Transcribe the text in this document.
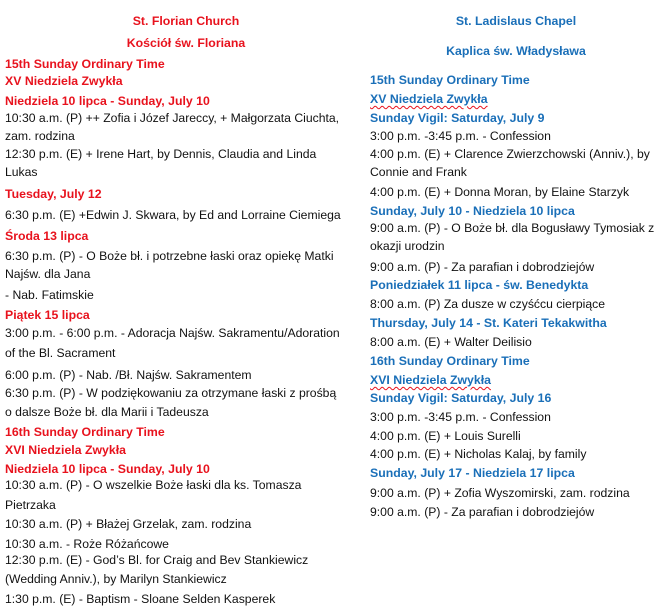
St. Florian Church
Kościół św. Floriana
15th Sunday Ordinary Time
XV Niedziela Zwykła
Niedziela 10 lipca - Sunday, July 10
10:30 a.m. (P) ++ Zofia i Józef Jareccy, + Małgorzata Ciuchta,
zam. rodzina
12:30 p.m. (E) + Irene Hart, by Dennis, Claudia and Linda
Lukas
Tuesday, July 12
6:30 p.m. (E) +Edwin J. Skwara, by Ed and Lorraine Ciemiega
Środa 13 lipca
6:30 p.m. (P) - O Boże bł. i potrzebne łaski oraz opiekę Matki
Najśw. dla Jana
- Nab. Fatimskie
Piątek 15 lipca
3:00 p.m. - 6:00 p.m. - Adoracja Najśw. Sakramentu/Adoration
of the Bl. Sacrament
6:00 p.m. (P) - Nab. /Bł. Najśw. Sakramentem
6:30 p.m. (P) - W podziękowaniu za otrzymane łaski z prośbą
o dalsze Boże bł. dla Marii i Tadeusza
16th Sunday Ordinary Time
XVI Niedziela Zwykła
Niedziela 10 lipca - Sunday, July 10
10:30 a.m. (P) - O wszelkie Boże łaski dla ks. Tomasza
Pietrzaka
10:30 a.m. (P) + Błażej Grzelak, zam. rodzina
10:30 a.m. - Roże Różańcowe
12:30 p.m. (E) - God’s Bl. for Craig and Bev Stankiewicz
(Wedding Anniv.), by Marilyn Stankiewicz
1:30 p.m. (E) - Baptism - Sloane Selden Kasperek
St. Ladislaus Chapel
Kaplica św. Władysława
15th Sunday Ordinary Time
XV Niedziela Zwykła
Sunday Vigil: Saturday, July 9
3:00 p.m. -3:45 p.m. - Confession
4:00 p.m. (E) + Clarence Zwierzchowski (Anniv.), by
Connie and Frank
4:00 p.m. (E) + Donna Moran, by Elaine Starzyk
Sunday, July 10 - Niedziela 10 lipca
9:00 a.m. (P) - O Boże bł. dla Bogusławy Tymosiak z
okazji urodzin
9:00 a.m. (P) - Za parafian i dobrodziejów
Poniedziałek 11 lipca - św. Benedykta
8:00 a.m. (P) Za dusze w czyśćcu cierpiące
Thursday, July 14 - St. Kateri Tekakwitha
8:00 a.m. (E) + Walter Deilisio
16th Sunday Ordinary Time
XVI Niedziela Zwykła
Sunday Vigil: Saturday, July 16
3:00 p.m. -3:45 p.m. - Confession
4:00 p.m. (E) + Louis Surelli
4:00 p.m. (E) + Nicholas Kalaj, by family
Sunday, July 17 - Niedziela 17 lipca
9:00 a.m. (P) + Zofia Wyszomirski, zam. rodzina
9:00 a.m. (P) - Za parafian i dobrodziejów
